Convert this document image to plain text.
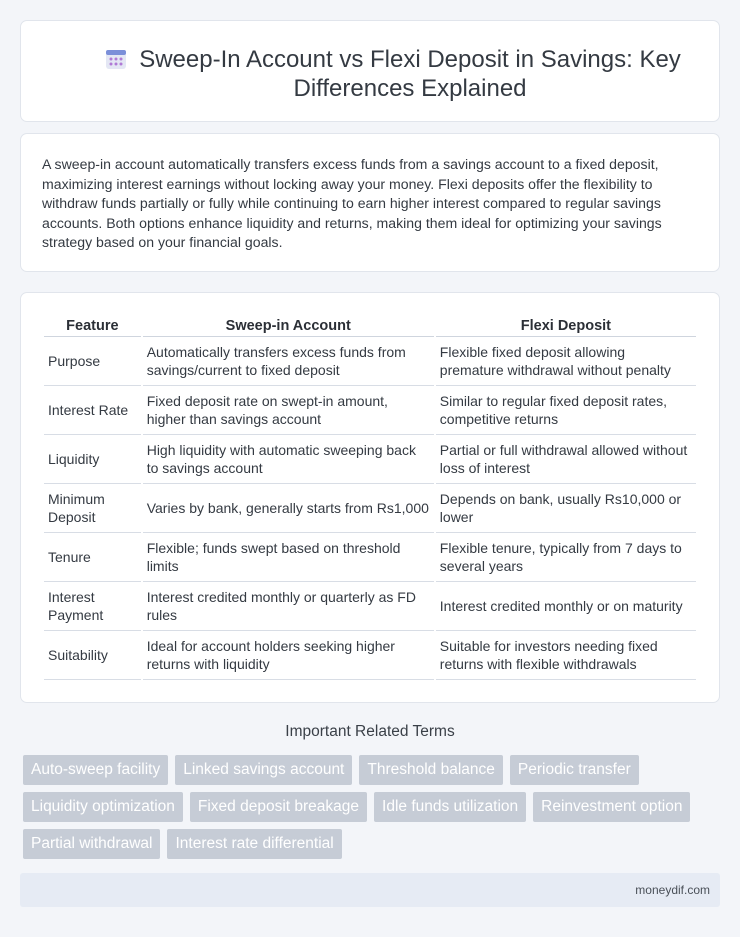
Sweep-In Account vs Flexi Deposit in Savings: Key Differences Explained

A sweep-in account automatically transfers excess funds from a savings account to a fixed deposit, maximizing interest earnings without locking away your money. Flexi deposits offer the flexibility to withdraw funds partially or fully while continuing to earn higher interest compared to regular savings accounts. Both options enhance liquidity and returns, making them ideal for optimizing your savings strategy based on your financial goals.

Feature	Sweep-in Account	Flexi Deposit
Purpose	Automatically transfers excess funds from savings/current to fixed deposit	Flexible fixed deposit allowing premature withdrawal without penalty
Interest Rate	Fixed deposit rate on swept-in amount, higher than savings account	Similar to regular fixed deposit rates, competitive returns
Liquidity	High liquidity with automatic sweeping back to savings account	Partial or full withdrawal allowed without loss of interest
Minimum Deposit	Varies by bank, generally starts from Rs1,000	Depends on bank, usually Rs10,000 or lower
Tenure	Flexible; funds swept based on threshold limits	Flexible tenure, typically from 7 days to several years
Interest Payment	Interest credited monthly or quarterly as FD rules	Interest credited monthly or on maturity
Suitability	Ideal for account holders seeking higher returns with liquidity	Suitable for investors needing fixed returns with flexible withdrawals
Important Related Terms
Auto-sweep facility	Linked savings account	Threshold balance	Periodic transfer
Liquidity optimization	Fixed deposit breakage	Idle funds utilization	Reinvestment option
Partial withdrawal	Interest rate differential
moneydif.com
